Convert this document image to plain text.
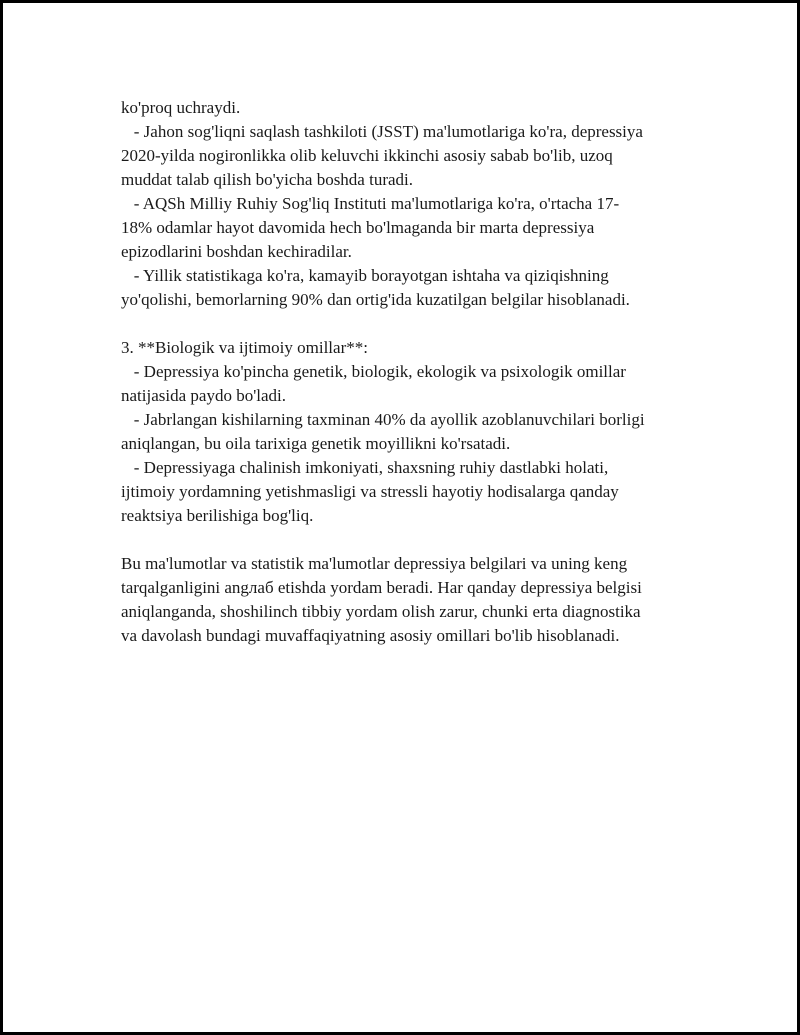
ko'proq uchraydi.
- Jahon sog'liqni saqlash tashkiloti (JSST) ma'lumotlariga ko'ra, depressiya
2020-yilda nogironlikka olib keluvchi ikkinchi asosiy sabab bo'lib, uzoq
muddat talab qilish bo'yicha boshda turadi.
- AQSh Milliy Ruhiy Sog'liq Instituti ma'lumotlariga ko'ra, o'rtacha 17-
18% odamlar hayot davomida hech bo'lmaganda bir marta depressiya
epizodlarini boshdan kechiradilar.
- Yillik statistikaga ko'ra, kamayib borayotgan ishtaha va qiziqishning
yo'qolishi, bemorlarning 90% dan ortig'ida kuzatilgan belgilar hisoblanadi.
3. **Biologik va ijtimoiy omillar**:
- Depressiya ko'pincha genetik, biologik, ekologik va psixologik omillar
natijasida paydo bo'ladi.
- Jabrlangan kishilarning taxminan 40% da ayollik azoblanuvchilari borligi
aniqlangan, bu oila tarixiga genetik moyillikni ko'rsatadi.
- Depressiyaga chalinish imkoniyati, shaxsning ruhiy dastlabki holati,
ijtimoiy yordamning yetishmasligi va stressli hayotiy hodisalarga qanday
reaktsiya berilishiga bog'liq.
Bu ma'lumotlar va statistik ma'lumotlar depressiya belgilari va uning keng
tarqalganligini angлаб etishda yordam beradi. Har qanday depressiya belgisi
aniqlanganda, shoshilinch tibbiy yordam olish zarur, chunki erta diagnostika
va davolash bundagi muvaffaqiyatning asosiy omillari bo'lib hisoblanadi.
